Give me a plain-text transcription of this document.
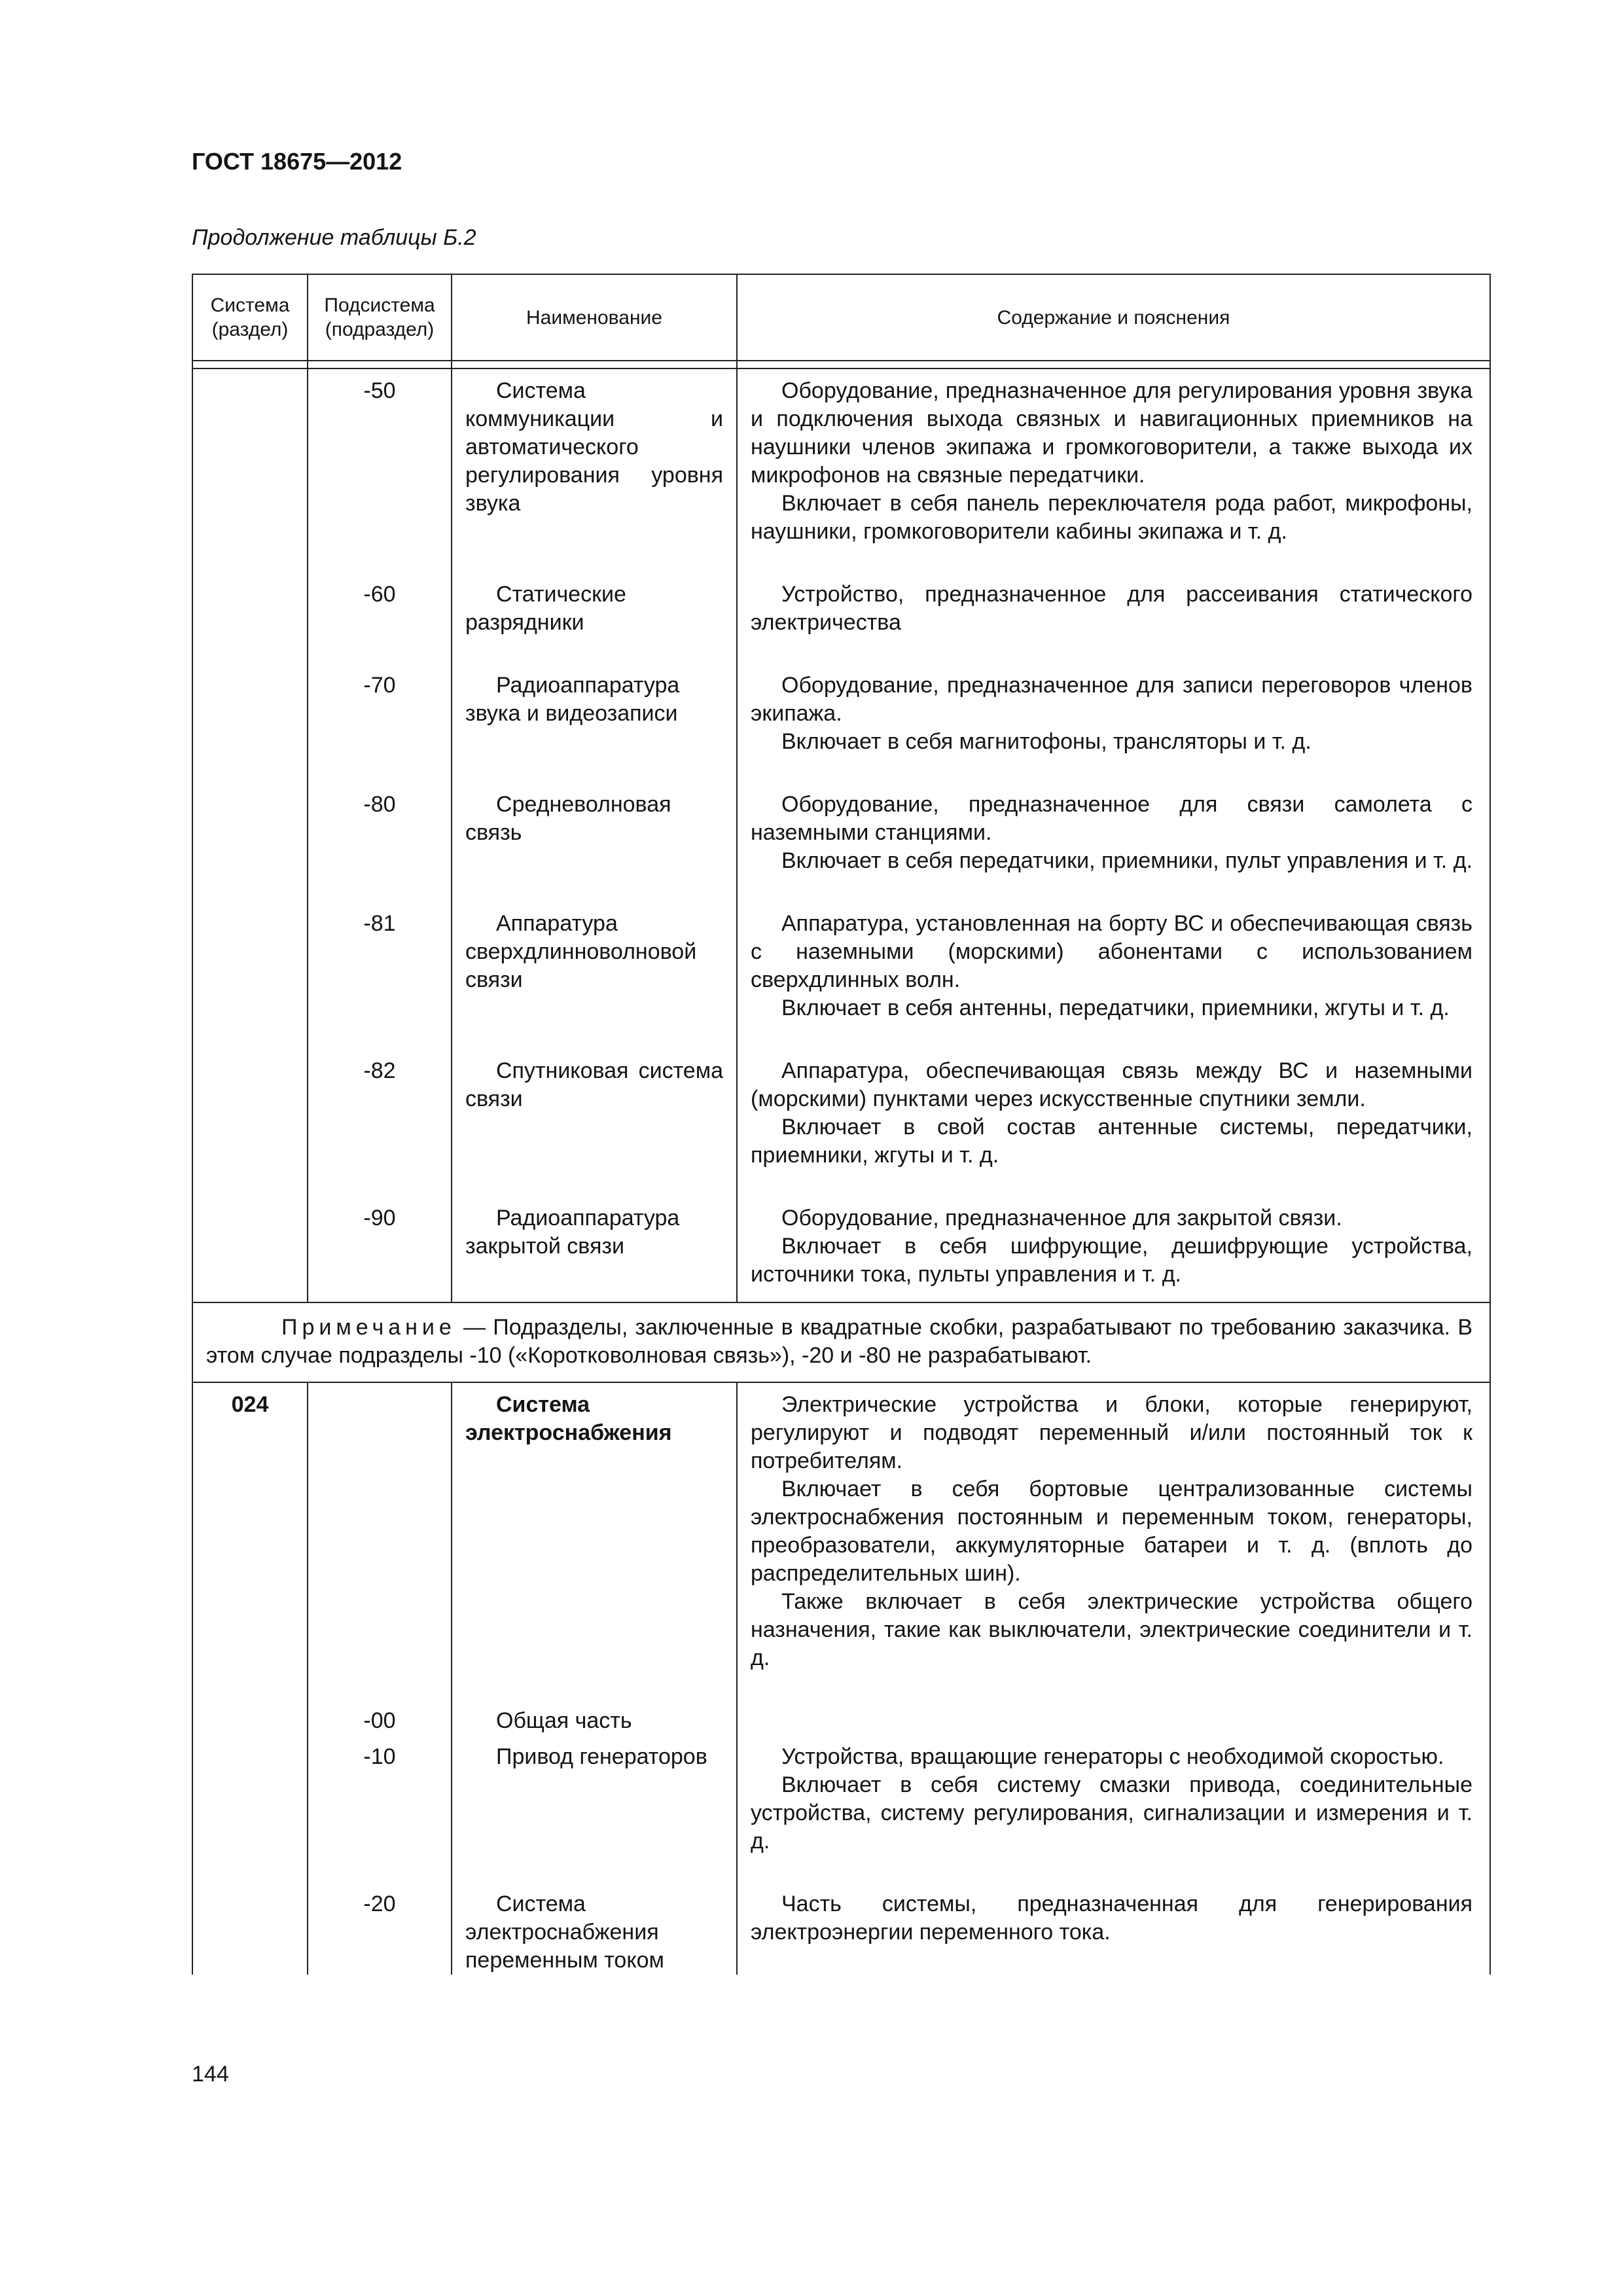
ГОСТ 18675—2012
Продолжение таблицы Б.2
Система (раздел)	Подсистема (подраздел)	Наименование	Содержание и пояснения

	-50	Система коммуникации и автоматического регулирования уровня звука	Оборудование, предназначенное для регулирования уровня звука и подключения выхода связных и навигационных приемников на наушники членов экипажа и громкоговорители, а также выхода их микрофонов на связные передатчики.

Включает в себя панель переключателя рода работ, микрофоны, наушники, громкоговорители кабины экипажа и т. д.

	-60	Статические разрядники	Устройство, предназначенное для рассеивания статического электричества

	-70	Радиоаппаратура звука и видеозаписи	Оборудование, предназначенное для записи переговоров членов экипажа.

Включает в себя магнитофоны, трансляторы и т. д.

	-80	Средневолновая связь	Оборудование, предназначенное для связи самолета с наземными станциями.

Включает в себя передатчики, приемники, пульт управления и т. д.

	-81	Аппаратура сверхдлинноволновой связи	Аппаратура, установленная на борту ВС и обеспечивающая связь с наземными (морскими) абонентами с использованием сверхдлинных волн.

Включает в себя антенны, передатчики, приемники, жгуты и т. д.

	-82	Спутниковая система связи	Аппаратура, обеспечивающая связь между ВС и наземными (морскими) пунктами через искусственные спутники земли.

Включает в свой состав антенные системы, передатчики, приемники, жгуты и т. д.

	-90	Радиоаппаратура закрытой связи	Оборудование, предназначенное для закрытой связи.

Включает в себя шифрующие, дешифрующие устройства, источники тока, пульты управления и т. д.

Примечание — Подразделы, заключенные в квадратные скобки, разрабатывают по требованию заказчика. В этом случае подразделы -10 («Коротковолновая связь»), -20 и -80 не разрабатывают.			
024		Система электроснабжения	Электрические устройства и блоки, которые генерируют, регулируют и подводят переменный и/или постоянный ток к потребителям.

Включает в себя бортовые централизованные системы электроснабжения постоянным и переменным током, генераторы, преобразователи, аккумуляторные батареи и т. д. (вплоть до распределительных шин).

Также включает в себя электрические устройства общего назначения, такие как выключатели, электрические соединители и т. д.

	-00	Общая часть	

	-10	Привод генераторов	Устройства, вращающие генераторы с необходимой скоростью.

Включает в себя систему смазки привода, соединительные устройства, систему регулирования, сигнализации и измерения и т. д.

	-20	Система электроснабжения переменным током	Часть системы, предназначенная для генерирования электроэнергии переменного тока.

144
